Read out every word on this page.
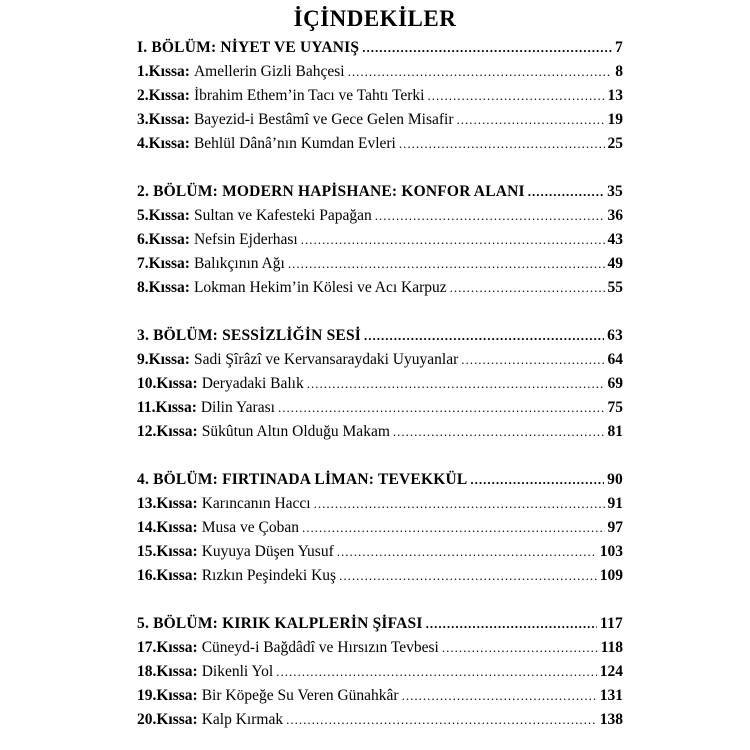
İÇİNDEKİLER
I. BÖLÜM: NİYET VE UYANIŞ .....	7
1.Kıssa: Amellerin Gizli Bahçesi .....	8
2.Kıssa: İbrahim Ethem’in Tacı ve Tahtı Terki .....	13
3.Kıssa: Bayezid-i Bestâmî ve Gece Gelen Misafir .....	19
4.Kıssa: Behlül Dânâ’nın Kumdan Evleri .....	25
2. BÖLÜM: MODERN HAPİSHANE: KONFOR ALANI .....	35
5.Kıssa: Sultan ve Kafesteki Papağan .....	36
6.Kıssa: Nefsin Ejderhası .....	43
7.Kıssa: Balıkçının Ağı .....	49
8.Kıssa: Lokman Hekim’in Kölesi ve Acı Karpuz .....	55
3. BÖLÜM: SESSİZLİĞİN SESİ .....	63
9.Kıssa: Sadi Şîrâzî ve Kervansaraydaki Uyuyanlar .....	64
10.Kıssa: Deryadaki Balık .....	69
11.Kıssa: Dilin Yarası .....	75
12.Kıssa: Sükûtun Altın Olduğu Makam .....	81
4. BÖLÜM: FIRTINADA LİMAN: TEVEKKÜL .....	90
13.Kıssa: Karıncanın Haccı .....	91
14.Kıssa: Musa ve Çoban .....	97
15.Kıssa: Kuyuya Düşen Yusuf .....	103
16.Kıssa: Rızkın Peşindeki Kuş .....	109
5. BÖLÜM: KIRIK KALPLERİN ŞİFASI .....	117
17.Kıssa: Cüneyd-i Bağdâdî ve Hırsızın Tevbesi .....	118
18.Kıssa: Dikenli Yol .....	124
19.Kıssa: Bir Köpeğe Su Veren Günahkâr .....	131
20.Kıssa: Kalp Kırmak .....	138
